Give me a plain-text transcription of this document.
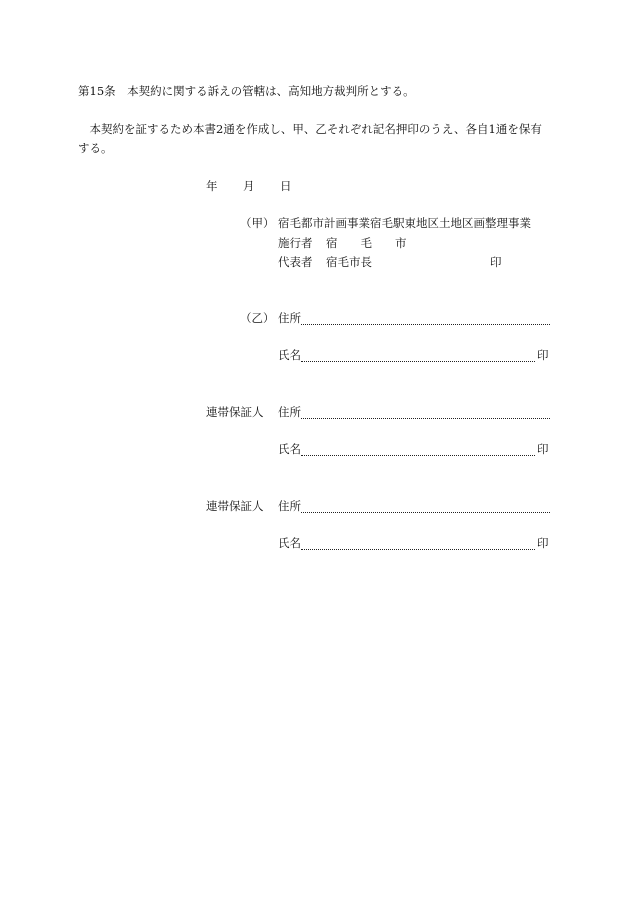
第15条　本契約に関する訴えの管轄は、高知地方裁判所とする。
　本契約を証するため本書2通を作成し、甲、乙それぞれ記名押印のうえ、各自1通を保有
する。
年 月 日
（甲） 宿毛都市計画事業宿毛駅東地区土地区画整理事業
施行者 宿　　毛　　市
代表者 宿毛市長	印
（乙） 住所
氏名	印
連帯保証人 住所
氏名	印
連帯保証人 住所
氏名	印
